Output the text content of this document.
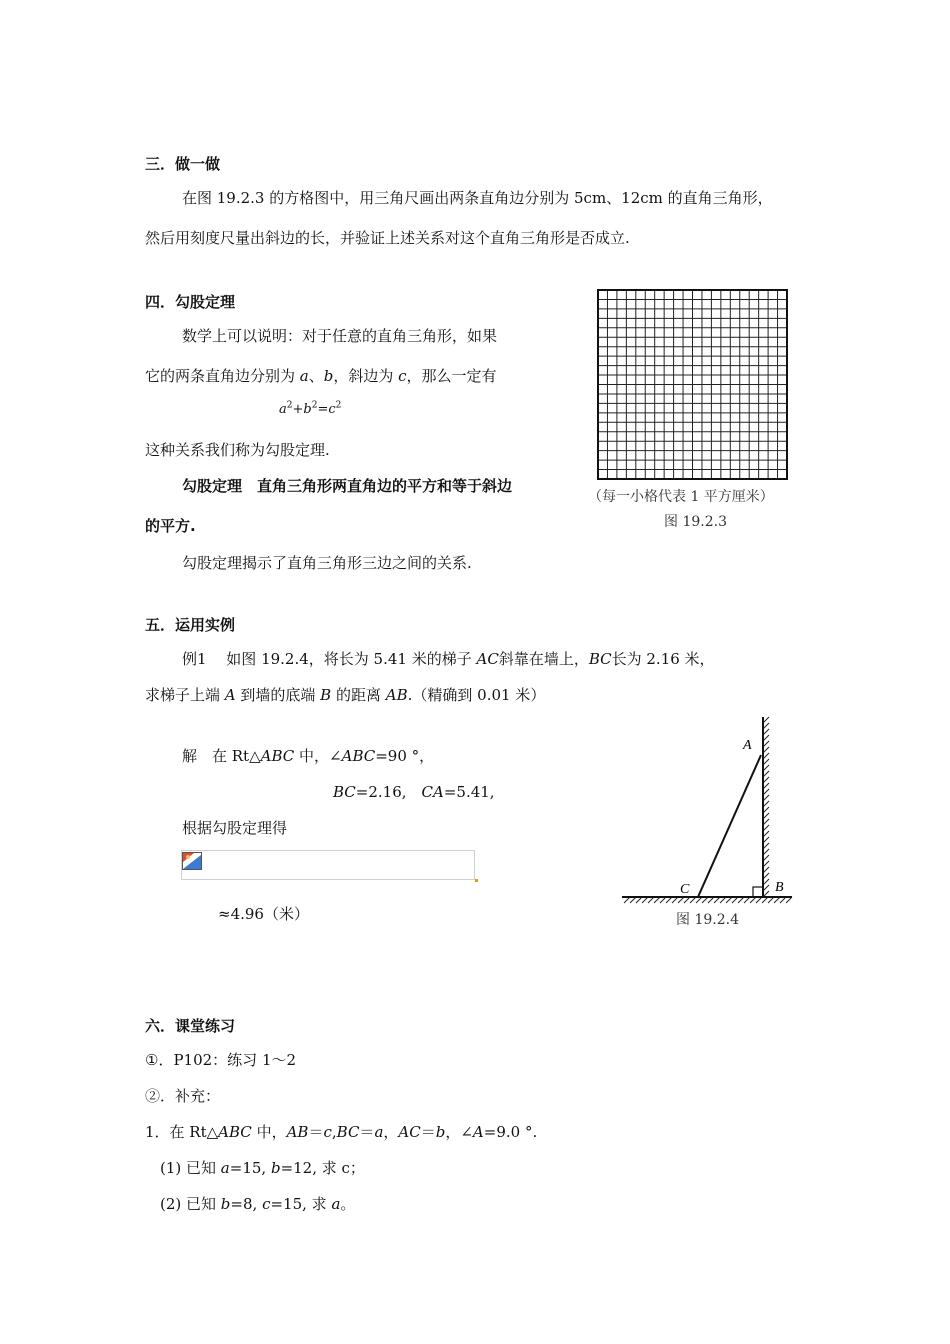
三．做一做
在图 19.2.3 的方格图中，用三角尺画出两条直角边分别为 5cm、12cm 的直角三角形，
然后用刻度尺量出斜边的长，并验证上述关系对这个直角三角形是否成立.
四．勾股定理
数学上可以说明：对于任意的直角三角形，如果
它的两条直角边分别为 a、b，斜边为 c，那么一定有
$a^2+b^2=c^2$
这种关系我们称为勾股定理.
勾股定理　直角三角形两直角边的平方和等于斜边
的平方.
勾股定理揭示了直角三角形三边之间的关系.
（每一小格代表 1 平方厘米）
图 19.2.3
五．运用实例
例1　 如图 19.2.4，将长为 5.41 米的梯子 AC斜靠在墙上，BC长为 2.16 米，
求梯子上端 A 到墙的底端 B 的距离 AB.（精确到 0.01 米）
解　在 Rt△ABC 中，∠ABC=90 °，
BC=2.16,　CA=5.41,
根据勾股定理得
≈4.96（米）
A
B
C
图 19.2.4
六．课堂练习
①．P102：练习 1～2
②．补充：
1．在 Rt△ABC 中，AB＝c,BC＝a，AC＝b，∠A=9.0 °.
(1) 已知 a=15, b=12, 求 c；
(2) 已知 b=8, c=15, 求 a。
